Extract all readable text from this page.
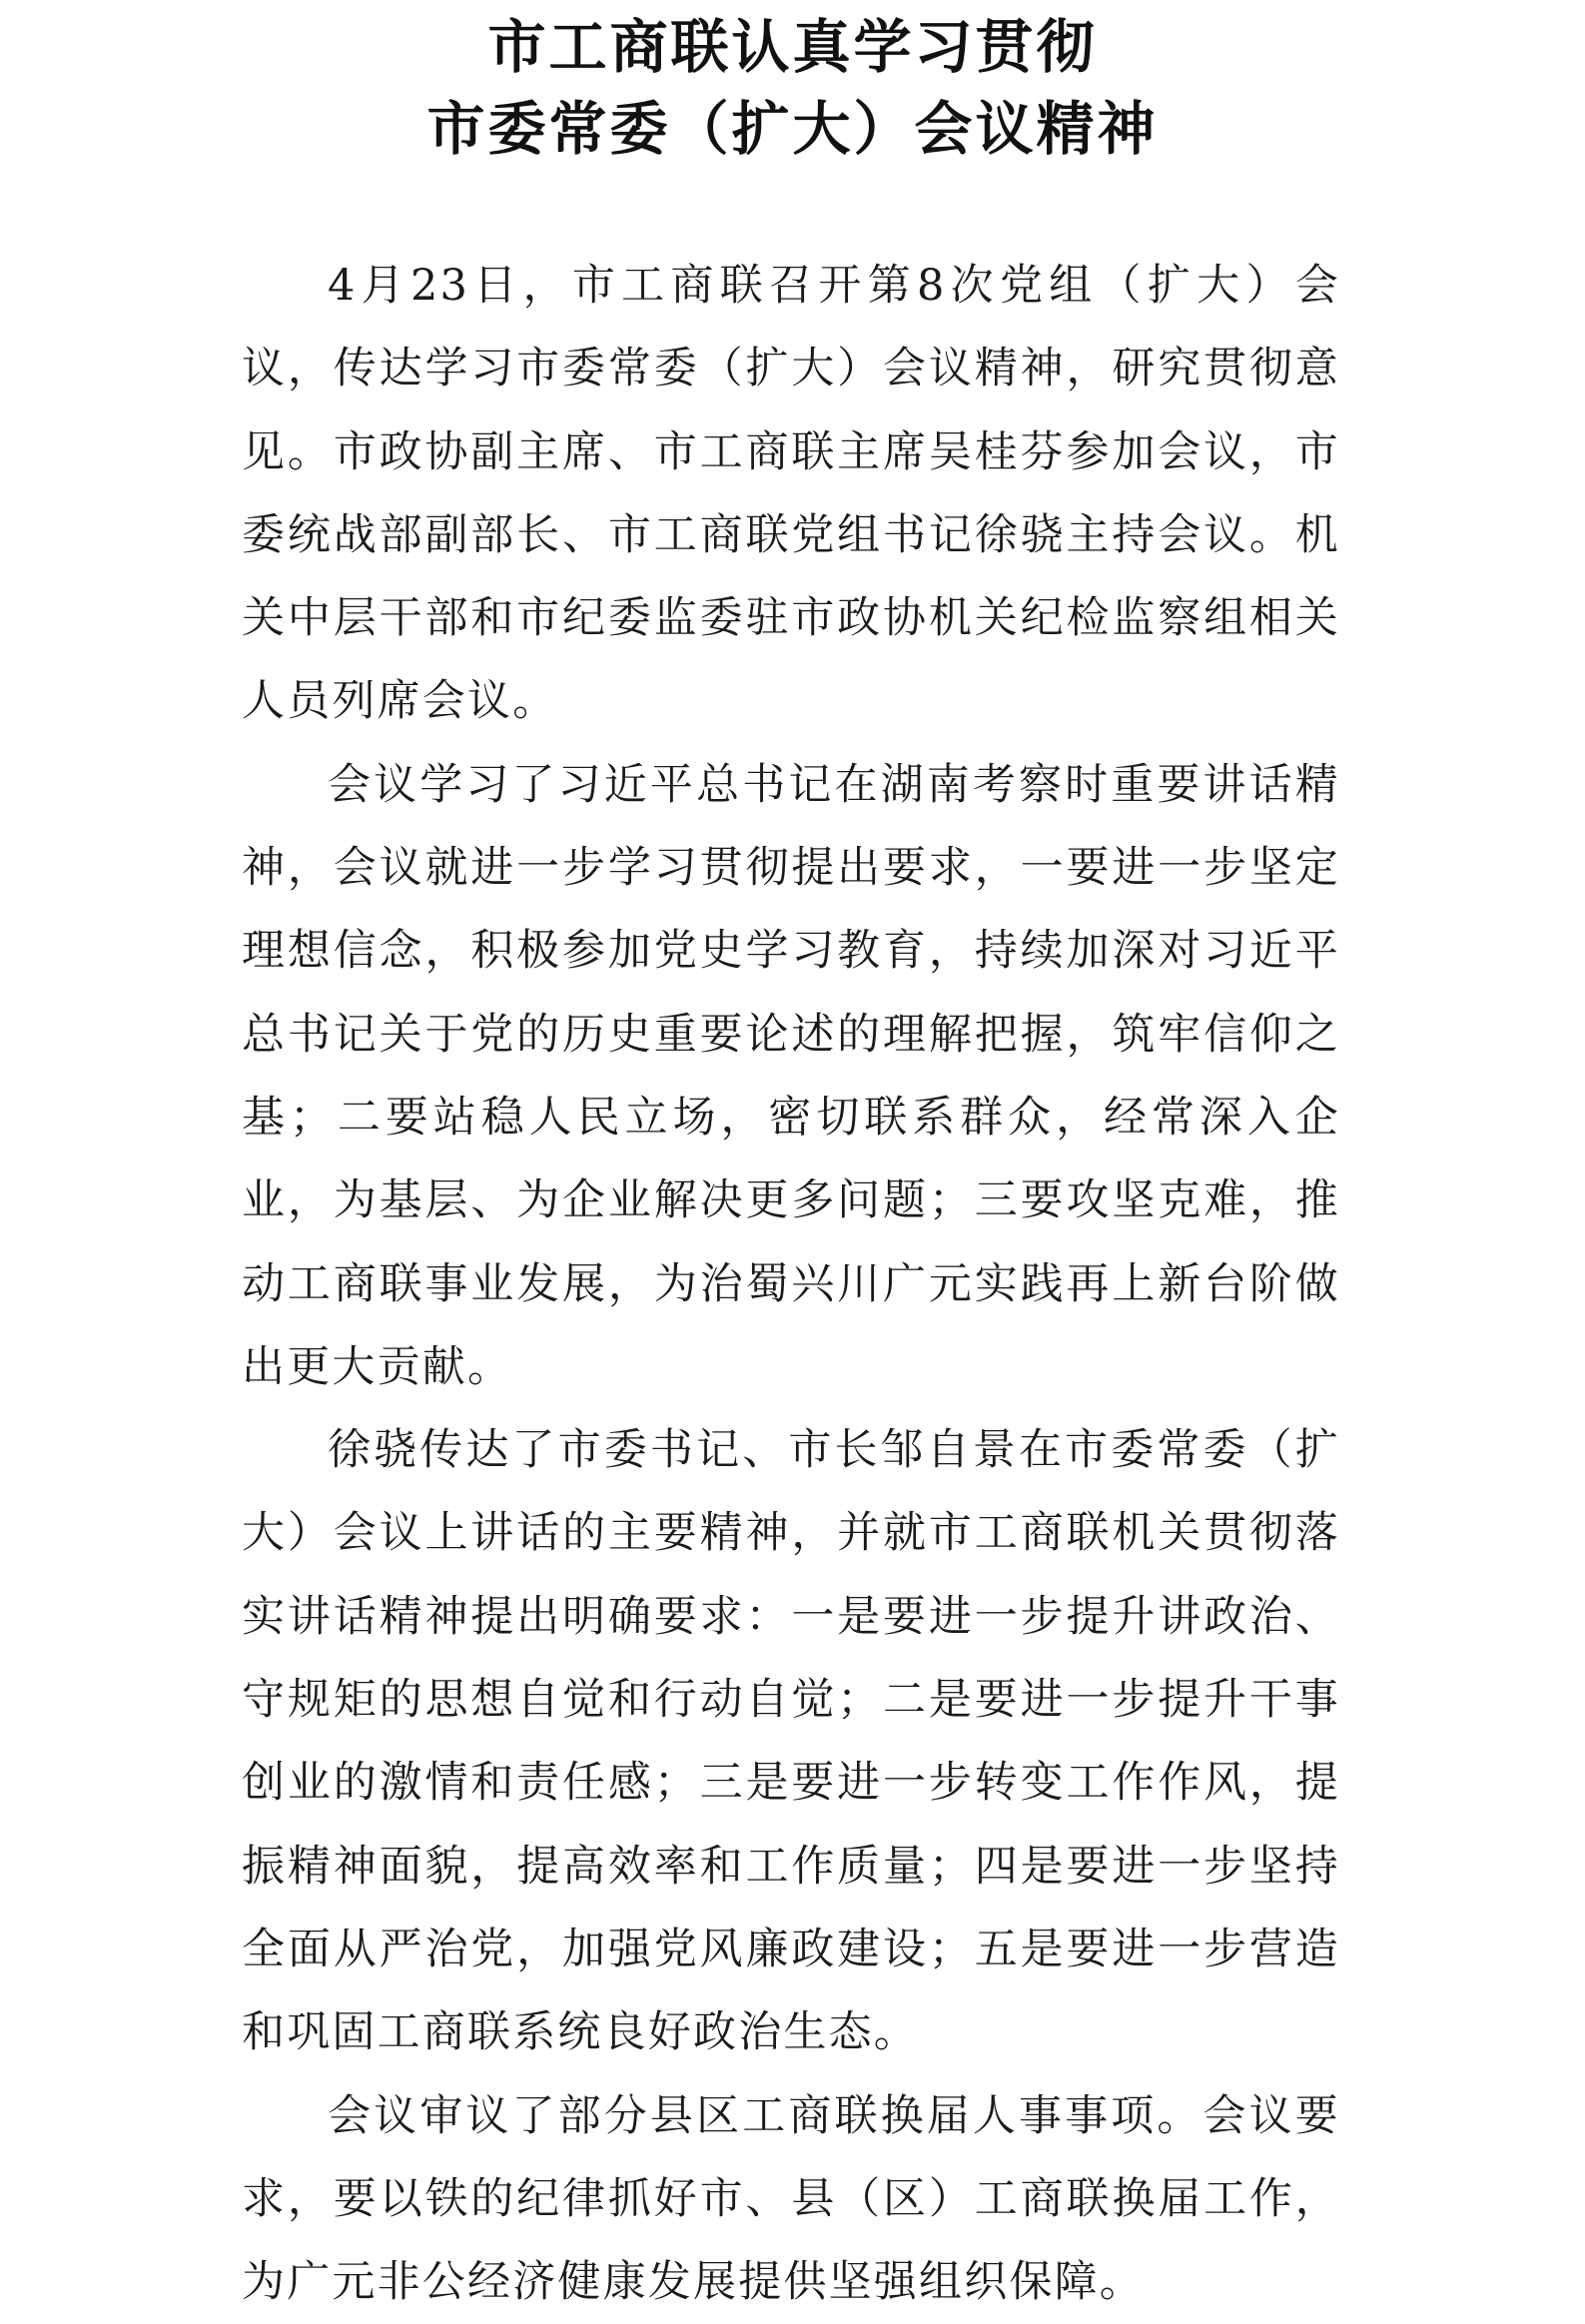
市工商联认真学习贯彻
市委常委（扩大）会议精神

4月23日，市工商联召开第8次党组（扩大）会议，传达学习市委常委（扩大）会议精神，研究贯彻意见。市政协副主席、市工商联主席吴桂芬参加会议，市委统战部副部长、市工商联党组书记徐骁主持会议。机关中层干部和市纪委监委驻市政协机关纪检监察组相关人员列席会议。

会议学习了习近平总书记在湖南考察时重要讲话精神，会议就进一步学习贯彻提出要求，一要进一步坚定理想信念，积极参加党史学习教育，持续加深对习近平总书记关于党的历史重要论述的理解把握，筑牢信仰之基；二要站稳人民立场，密切联系群众，经常深入企业，为基层、为企业解决更多问题；三要攻坚克难，推动工商联事业发展，为治蜀兴川广元实践再上新台阶做出更大贡献。

徐骁传达了市委书记、市长邹自景在市委常委（扩大）会议上讲话的主要精神，并就市工商联机关贯彻落实讲话精神提出明确要求：一是要进一步提升讲政治、守规矩的思想自觉和行动自觉；二是要进一步提升干事创业的激情和责任感；三是要进一步转变工作作风，提振精神面貌，提高效率和工作质量；四是要进一步坚持全面从严治党，加强党风廉政建设；五是要进一步营造和巩固工商联系统良好政治生态。

会议审议了部分县区工商联换届人事事项。会议要求，要以铁的纪律抓好市、县（区）工商联换届工作，为广元非公经济健康发展提供坚强组织保障。
